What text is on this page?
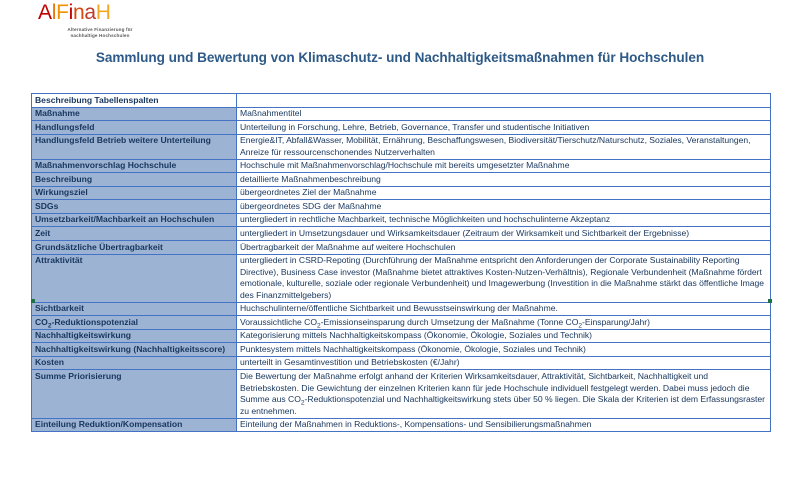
AlFinaH
Alternative Finanzierung für
nachhaltige Hochschulen
Sammlung und Bewertung von Klimaschutz- und Nachhaltigkeitsmaßnahmen für Hochschulen
Beschreibung Tabellenspalten	
Maßnahme	Maßnahmentitel
Handlungsfeld	Unterteilung in Forschung, Lehre, Betrieb, Governance, Transfer und studentische Initiativen
Handlungsfeld Betrieb weitere Unterteilung	Energie&IT, Abfall&Wasser, Mobilität, Ernährung, Beschaffungswesen, Biodiversität/Tierschutz/Naturschutz, Soziales, Veranstaltungen, Anreize für ressourcenschonendes Nutzerverhalten
Maßnahmenvorschlag Hochschule	Hochschule mit Maßnahmenvorschlag/Hochschule mit bereits umgesetzter Maßnahme
Beschreibung	detaillierte Maßnahmenbeschreibung
Wirkungsziel	übergeordnetes Ziel der Maßnahme
SDGs	übergeordnetes SDG der Maßnahme
Umsetzbarkeit/Machbarkeit an Hochschulen	untergliedert in rechtliche Machbarkeit, technische Möglichkeiten und hochschulinterne Akzeptanz
Zeit	untergliedert in Umsetzungsdauer und Wirksamkeitsdauer (Zeitraum der Wirksamkeit und Sichtbarkeit der Ergebnisse)
Grundsätzliche Übertragbarkeit	Übertragbarkeit der Maßnahme auf weitere Hochschulen
Attraktivität	untergliedert in CSRD-Repoting (Durchführung der Maßnahme entspricht den Anforderungen der Corporate Sustainability Reporting Directive), Business Case investor (Maßnahme bietet attraktives Kosten-Nutzen-Verhältnis), Regionale Verbundenheit (Maßnahme fördert emotionale, kulturelle, soziale oder regionale Verbundenheit) und Imagewerbung (Investition in die Maßnahme stärkt das öffentliche Image des Finanzmittelgebers)
Sichtbarkeit	Huchschulinterne/öffentliche Sichtbarkeit und Bewusstseinswirkung der Maßnahme.
$CO_2$-Reduktionspotenzial	Voraussichtliche $CO_2$-Emissionseinsparung durch Umsetzung der Maßnahme (Tonne $CO_2-Einsparung/Jahr$)
Nachhaltigkeitswirkung	Kategorisierung mittels Nachhaltigkeitskompass (Ökonomie, Ökologie, Soziales und Technik)
Nachhaltigkeitswirkung (Nachhaltigkeitsscore)	Punktesystem mittels Nachhaltigkeitskompass (Ökonomie, Ökologie, Soziales und Technik)
Kosten	unterteilt in Gesamtinvestition und Betriebskosten (€/Jahr)
Summe Priorisierung	Die Bewertung der Maßnahme erfolgt anhand der Kriterien Wirksamkeitsdauer, Attraktivität, Sichtbarkeit, Nachhaltigkeit und Betriebskosten. Die Gewichtung der einzelnen Kriterien kann für jede Hochschule individuell festgelegt werden. Dabei muss jedoch die Summe aus $CO_2$-Reduktionspotenzial und Nachhaltigkeitswirkung stets über 50 % liegen. Die Skala der Kriterien ist dem Erfassungsraster zu entnehmen.
Einteilung Reduktion/Kompensation	Einteilung der Maßnahmen in Reduktions-, Kompensations- und Sensibilierungsmaßnahmen
